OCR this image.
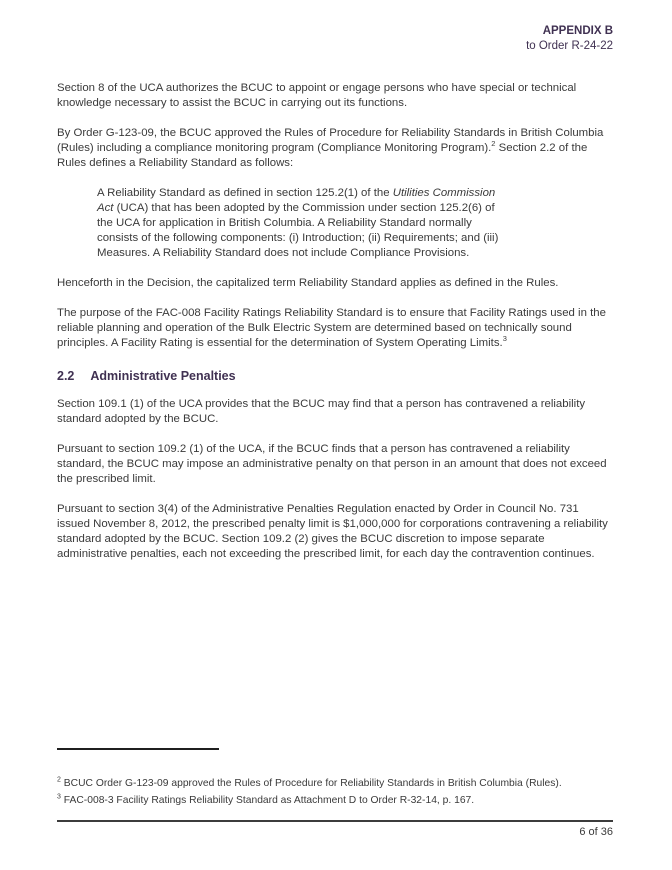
APPENDIX B
to Order R-24-22

Section 8 of the UCA authorizes the BCUC to appoint or engage persons who have special or technical knowledge necessary to assist the BCUC in carrying out its functions.

By Order G-123-09, the BCUC approved the Rules of Procedure for Reliability Standards in British Columbia (Rules) including a compliance monitoring program (Compliance Monitoring Program).$^2$ Section 2.2 of the Rules defines a Reliability Standard as follows:

A Reliability Standard as defined in section 125.2(1) of the Utilities Commission Act (UCA) that has been adopted by the Commission under section 125.2(6) of the UCA for application in British Columbia. A Reliability Standard normally consists of the following components: (i) Introduction; (ii) Requirements; and (iii) Measures. A Reliability Standard does not include Compliance Provisions.

Henceforth in the Decision, the capitalized term Reliability Standard applies as defined in the Rules.

The purpose of the FAC-008 Facility Ratings Reliability Standard is to ensure that Facility Ratings used in the reliable planning and operation of the Bulk Electric System are determined based on technically sound principles. A Facility Rating is essential for the determination of System Operating Limits.$^3$

2.2 Administrative Penalties

Section 109.1 (1) of the UCA provides that the BCUC may find that a person has contravened a reliability standard adopted by the BCUC.

Pursuant to section 109.2 (1) of the UCA, if the BCUC finds that a person has contravened a reliability standard, the BCUC may impose an administrative penalty on that person in an amount that does not exceed the prescribed limit.

Pursuant to section 3(4) of the Administrative Penalties Regulation enacted by Order in Council No. 731 issued November 8, 2012, the prescribed penalty limit is $1,000,000 for corporations contravening a reliability standard adopted by the BCUC. Section 109.2 (2) gives the BCUC discretion to impose separate administrative penalties, each not exceeding the prescribed limit, for each day the contravention continues.

$^2$ BCUC Order G-123-09 approved the Rules of Procedure for Reliability Standards in British Columbia (Rules).
$^3$ FAC-008-3 Facility Ratings Reliability Standard as Attachment D to Order R-32-14, p. 167.
6 of 36
